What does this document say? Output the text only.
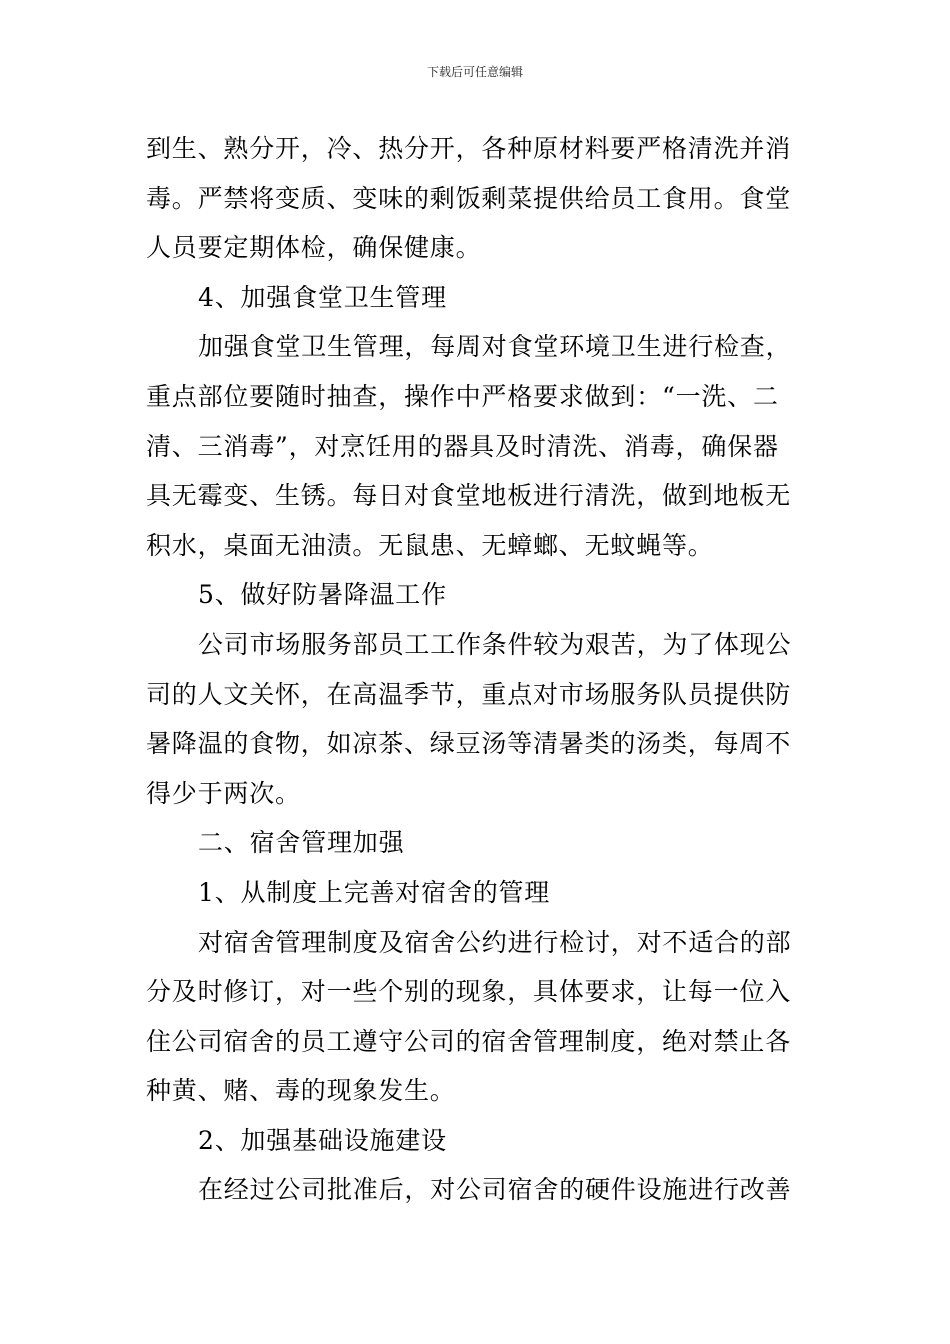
下载后可任意编辑

到生、熟分开，冷、热分开，各种原材料要严格清洗并消
毒。严禁将变质、变味的剩饭剩菜提供给员工食用。食堂
人员要定期体检，确保健康。

4、加强食堂卫生管理

加强食堂卫生管理，每周对食堂环境卫生进行检查，
重点部位要随时抽查，操作中严格要求做到：“一洗、二
清、三消毒”，对烹饪用的器具及时清洗、消毒，确保器
具无霉变、生锈。每日对食堂地板进行清洗，做到地板无
积水，桌面无油渍。无鼠患、无蟑螂、无蚊蝇等。

5、做好防暑降温工作

公司市场服务部员工工作条件较为艰苦，为了体现公
司的人文关怀，在高温季节，重点对市场服务队员提供防
暑降温的食物，如凉茶、绿豆汤等清暑类的汤类，每周不
得少于两次。

二、宿舍管理加强

1、从制度上完善对宿舍的管理

对宿舍管理制度及宿舍公约进行检讨，对不适合的部
分及时修订，对一些个别的现象，具体要求，让每一位入
住公司宿舍的员工遵守公司的宿舍管理制度，绝对禁止各
种黄、赌、毒的现象发生。

2、加强基础设施建设

在经过公司批准后，对公司宿舍的硬件设施进行改善
